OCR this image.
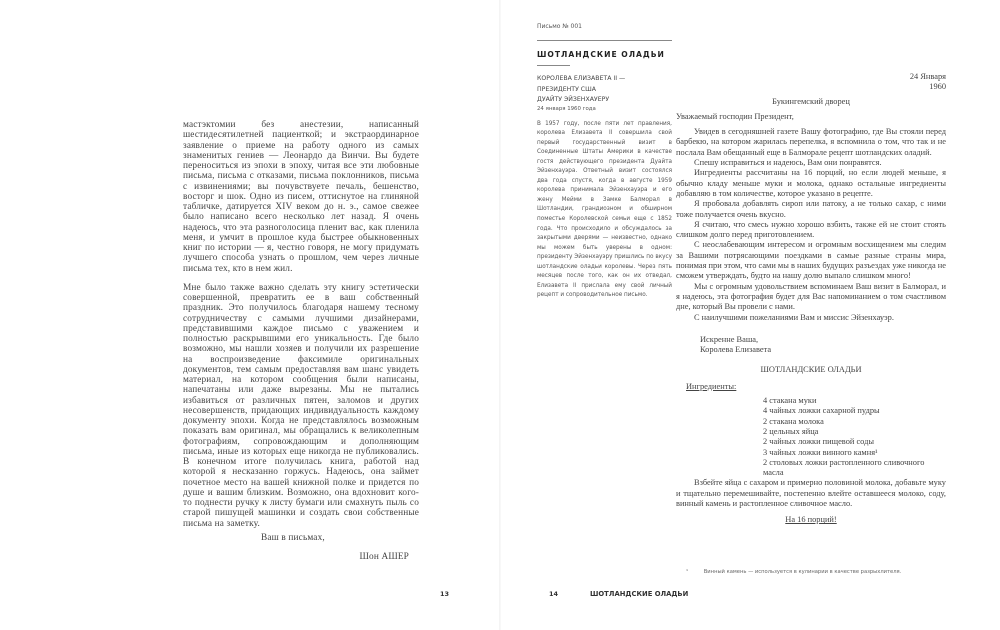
мастэктомии без анестезии, написанный шестидесятилетней пациенткой; и экстраординарное заявление о приеме на работу одного из самых знаменитых гениев — Леонардо да Винчи. Вы будете переноситься из эпохи в эпоху, читая все эти любовные письма, письма с отказами, письма поклонников, письма с извинениями; вы почувствуете печаль, бешенство, восторг и шок. Одно из писем, оттиснутое на глиняной табличке, датируется XIV веком до н. э., самое свежее было написано всего несколько лет назад. Я очень надеюсь, что эта разноголосица пленит вас, как пленила меня, и умчит в прошлое куда быстрее обыкновенных книг по истории — я, честно говоря, не могу придумать лучшего способа узнать о прошлом, чем через личные письма тех, кто в нем жил.

Мне было также важно сделать эту книгу эстетически совершенной, превратить ее в ваш собственный праздник. Это получилось благодаря нашему тесному сотрудничеству с самыми лучшими дизайнерами, представившими каждое письмо с уважением и полностью раскрывшими его уникальность. Где было возможно, мы нашли хозяев и получили их разрешение на воспроизведение факсимиле оригинальных документов, тем самым предоставляя вам шанс увидеть материал, на котором сообщения были написаны, напечатаны или даже вырезаны. Мы не пытались избавиться от различных пятен, заломов и других несовершенств, придающих индивидуальность каждому документу эпохи. Когда не представлялось возможным показать вам оригинал, мы обращались к великолепным фотографиям, сопровождающим и дополняющим письма, иные из которых еще никогда не публиковались. В конечном итоге получилась книга, работой над которой я несказанно горжусь. Надеюсь, она займет почетное место на вашей книжной полке и придется по душе и вашим близким. Возможно, она вдохновит кого-то поднести ручку к листу бумаги или смахнуть пыль со старой пишущей машинки и создать свои собственные письма на заметку.

Ваш в письмах,

Шон АШЕР

13
Письмо № 001
ШОТЛАНДСКИЕ ОЛАДЬИ
КОРОЛЕВА ЕЛИЗАВЕТА II —
ПРЕЗИДЕНТУ США
ДУАЙТУ ЭЙЗЕНХАУЕРУ
24 января 1960 года
В 1957 году, после пяти лет правления, королева Елизавета II совершила свой первый государственный визит в Соединенные Штаты Америки в качестве гостя действующего президента Дуайта Эйзенхауэра. Ответный визит состоялся два года спустя, когда в августе 1959 королева принимала Эйзенхауэра и его жену Мейми в Замке Балморал в Шотландии, грандиозном и обширном поместье Королевской семьи еще с 1852 года. Что происходило и обсуждалось за закрытыми дверями — неизвестно, однако мы можем быть уверены в одном: президенту Эйзенхауэру пришлись по вкусу шотландские оладьи королевы. Через пять месяцев после того, как он их отведал, Елизавета II прислала ему свой личный рецепт и сопроводительное письмо.

24 Января

1960

Букингемский дворец

Уважаемый господин Президент,

Увидев в сегодняшней газете Вашу фотографию, где Вы стояли перед барбекю, на котором жарилась перепелка, я вспомнила о том, что так и не послала Вам обещанный еще в Балморале рецепт шотландских оладий.

Спешу исправиться и надеюсь, Вам они понравятся.

Ингредиенты рассчитаны на 16 порций, но если людей меньше, я обычно кладу меньше муки и молока, однако остальные ингредиенты добавляю в том количестве, которое указано в рецепте.

Я пробовала добавлять сироп или патоку, а не только сахар, с ними тоже получается очень вкусно.

Я считаю, что смесь нужно хорошо взбить, также ей не стоит стоять слишком долго перед приготовлением.

С неослабевающим интересом и огромным восхищением мы следим за Вашими потрясающими поездками в самые разные страны мира, понимая при этом, что сами мы в наших будущих разъездах уже никогда не сможем утверждать, будто на нашу долю выпало слишком много!

Мы с огромным удовольствием вспоминаем Ваш визит в Балморал, и я надеюсь, эта фотография будет для Вас напоминанием о том счастливом дне, который Вы провели с нами.

С наилучшими пожеланиями Вам и миссис Эйзенхауэр.

Искренне Ваша,

Королева Елизавета

ШОТЛАНДСКИЕ ОЛАДЬИ

Ингредиенты:

4 стакана муки
4 чайных ложки сахарной пудры
2 стакана молока
2 цельных яйца
2 чайных ложки пищевой соды
3 чайных ложки винного камня¹
2 столовых ложки растопленного сливочного масла

Взбейте яйца с сахаром и примерно половиной молока, добавьте муку и тщательно перемешивайте, постепенно влейте оставшееся молоко, соду, винный камень и растопленное сливочное масло.

На 16 порций!

¹	Винный камень — используется в кулинарии в качестве разрыхлителя.
14	ШОТЛАНДСКИЕ ОЛАДЬИ
